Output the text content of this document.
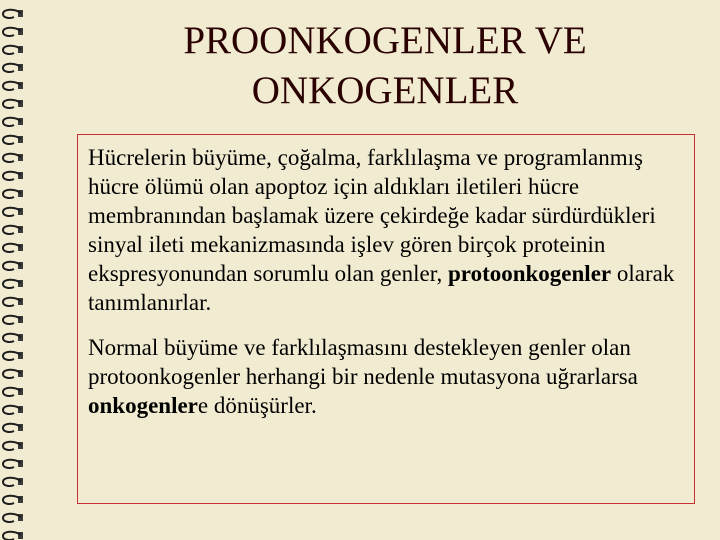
PROONKOGENLER VE
ONKOGENLER

Hücrelerin büyüme, çoğalma, farklılaşma ve programlanmış hücre ölümü olan apoptoz için aldıkları iletileri hücre membranından başlamak üzere çekirdeğe kadar sürdürdükleri sinyal ileti mekanizmasında işlev gören birçok proteinin ekspresyonundan sorumlu olan genler, protoonkogenler olarak tanımlanırlar.

Normal büyüme ve farklılaşmasını destekleyen genler olan protoonkogenler herhangi bir nedenle mutasyona uğrarlarsa onkogenlere dönüşürler.
